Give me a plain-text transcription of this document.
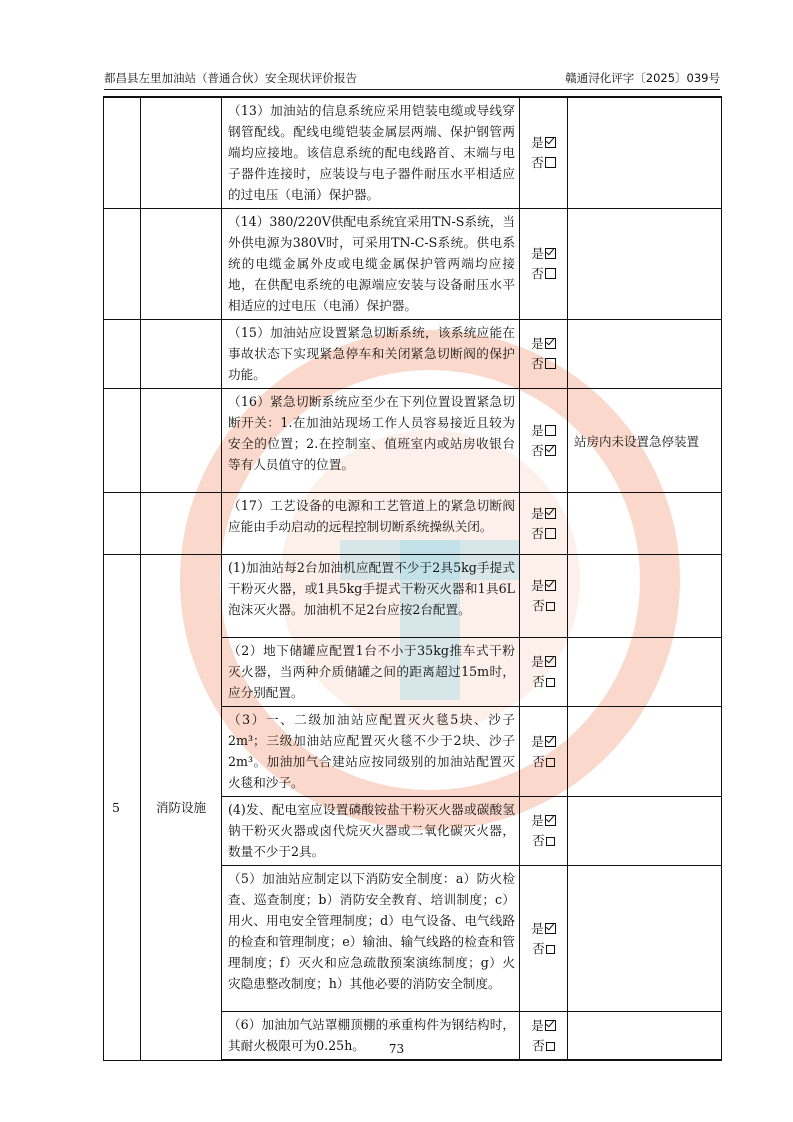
都昌县左里加油站（普通合伙）安全现状评价报告	赣通浔化评字〔2025〕039号
		（13）加油站的信息系统应采用铠装电缆或导线穿钢管配线。配线电缆铠装金属层两端、保护钢管两端均应接地。该信息系统的配电线路首、末端与电子器件连接时，应装设与电子器件耐压水平相适应的过电压（电涌）保护器。	是
否	

		（14）380/220V供配电系统宜采用TN-S系统，当外供电源为380V时，可采用TN-C-S系统。供电系统的电缆金属外皮或电缆金属保护管两端均应接地，在供配电系统的电源端应安装与设备耐压水平相适应的过电压（电涌）保护器。	是
否	

		（15）加油站应设置紧急切断系统，该系统应能在事故状态下实现紧急停车和关闭紧急切断阀的保护功能。	是
否	

		（16）紧急切断系统应至少在下列位置设置紧急切断开关：1.在加油站现场工作人员容易接近且较为安全的位置；2.在控制室、值班室内或站房收银台等有人员值守的位置。	是
否	站房内未设置急停装置
		（17）工艺设备的电源和工艺管道上的紧急切断阀应能由手动启动的远程控制切断系统操纵关闭。	是
否	

5	消防设施	(1)加油站每2台加油机应配置不少于2具5kg手提式干粉灭火器，或1具5kg手提式干粉灭火器和1具6L泡沫灭火器。加油机不足2台应按2台配置。	是
否	

		（2）地下储罐应配置1台不小于35kg推车式干粉灭火器，当两种介质储罐之间的距离超过15m时，应分别配置。	是
否	

		（3）一、二级加油站应配置灭火毯5块、沙子2m³；三级加油站应配置灭火毯不少于2块、沙子2m³。加油加气合建站应按同级别的加油站配置灭火毯和沙子。	是
否	

		(4)发、配电室应设置磷酸铵盐干粉灭火器或碳酸氢钠干粉灭火器或卤代烷灭火器或二氧化碳灭火器，数量不少于2具。	是
否	

		（5）加油站应制定以下消防安全制度：a）防火检查、巡查制度；b）消防安全教育、培训制度；c）用火、用电安全管理制度；d）电气设备、电气线路的检查和管理制度；e）输油、输气线路的检查和管理制度；f）灭火和应急疏散预案演练制度；g）火灾隐患整改制度；h）其他必要的消防安全制度。	是
否	

		（6）加油加气站罩棚顶棚的承重构件为钢结构时，其耐火极限可为0.25h。	是
否	

73
